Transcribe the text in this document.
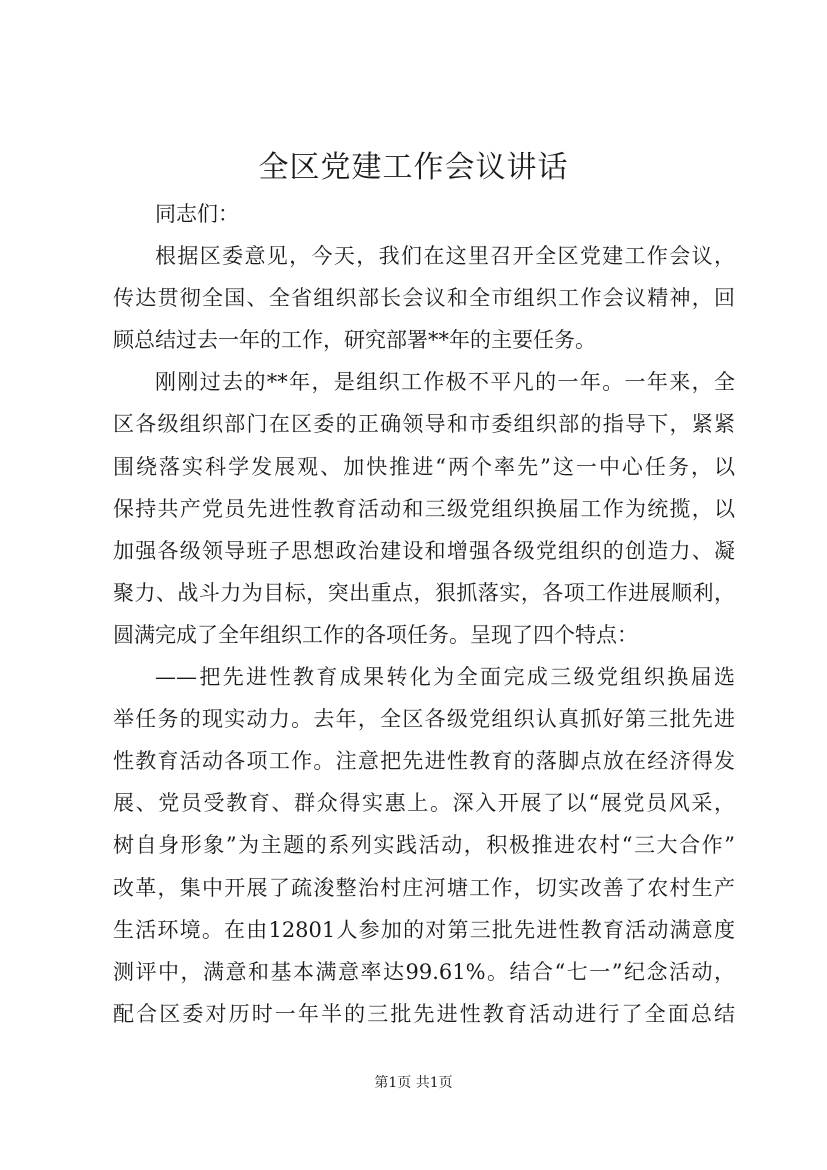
全区党建工作会议讲话
同志们：
根据区委意见，今天，我们在这里召开全区党建工作会议，
传达贯彻全国、全省组织部长会议和全市组织工作会议精神，回
顾总结过去一年的工作，研究部署**年的主要任务。
刚刚过去的**年，是组织工作极不平凡的一年。一年来，全
区各级组织部门在区委的正确领导和市委组织部的指导下，紧紧
围绕落实科学发展观、加快推进“两个率先”这一中心任务，以
保持共产党员先进性教育活动和三级党组织换届工作为统揽，以
加强各级领导班子思想政治建设和增强各级党组织的创造力、凝
聚力、战斗力为目标，突出重点，狠抓落实，各项工作进展顺利，
圆满完成了全年组织工作的各项任务。呈现了四个特点：
——把先进性教育成果转化为全面完成三级党组织换届选
举任务的现实动力。去年，全区各级党组织认真抓好第三批先进
性教育活动各项工作。注意把先进性教育的落脚点放在经济得发
展、党员受教育、群众得实惠上。深入开展了以“展党员风采，
树自身形象”为主题的系列实践活动，积极推进农村“三大合作”
改革，集中开展了疏浚整治村庄河塘工作，切实改善了农村生产
生活环境。在由12801人参加的对第三批先进性教育活动满意度
测评中，满意和基本满意率达99.61%。结合“七一”纪念活动，
配合区委对历时一年半的三批先进性教育活动进行了全面总结
第1页 共1页
